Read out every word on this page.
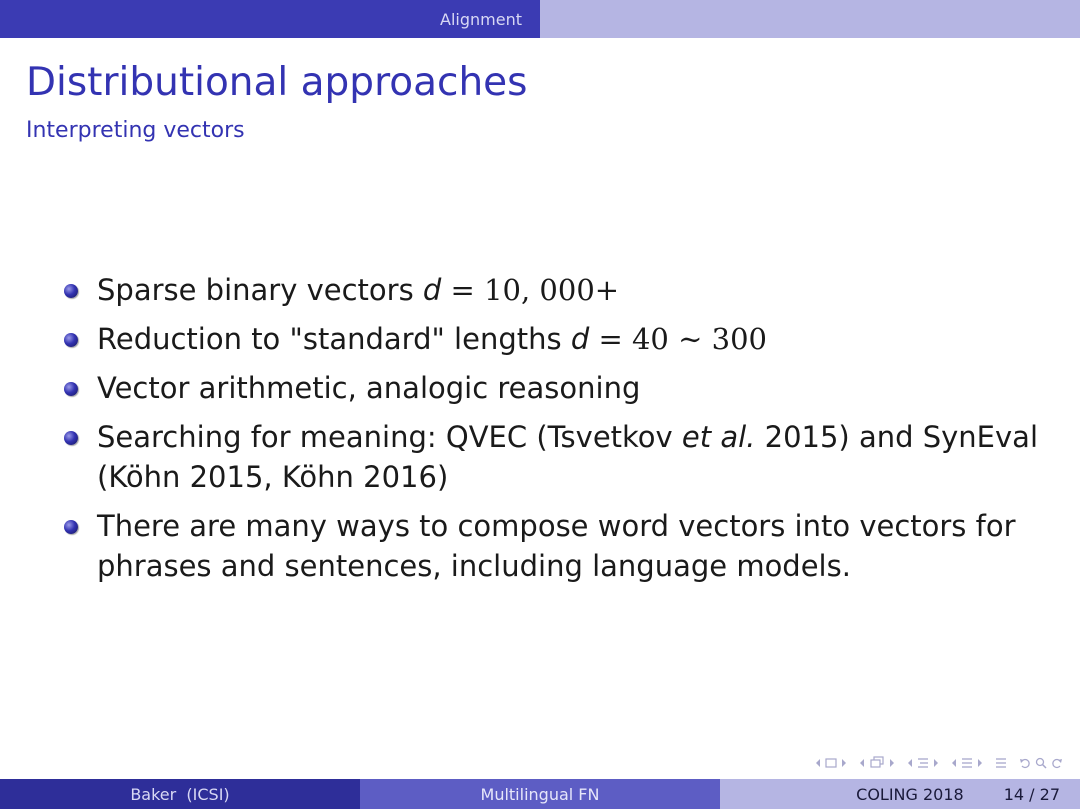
Alignment
Distributional approaches
Interpreting vectors
Sparse binary vectors d = 10, 000+
Reduction to "standard" lengths d = 40 ∼ 300
Vector arithmetic, analogic reasoning
Searching for meaning: QVEC (Tsvetkov et al. 2015) and SynEval (Köhn 2015, Köhn 2016)
There are many ways to compose word vectors into vectors for phrases and sentences, including language models.
Baker  (ICSI)	Multilingual FN	COLING 2018	14 / 27
